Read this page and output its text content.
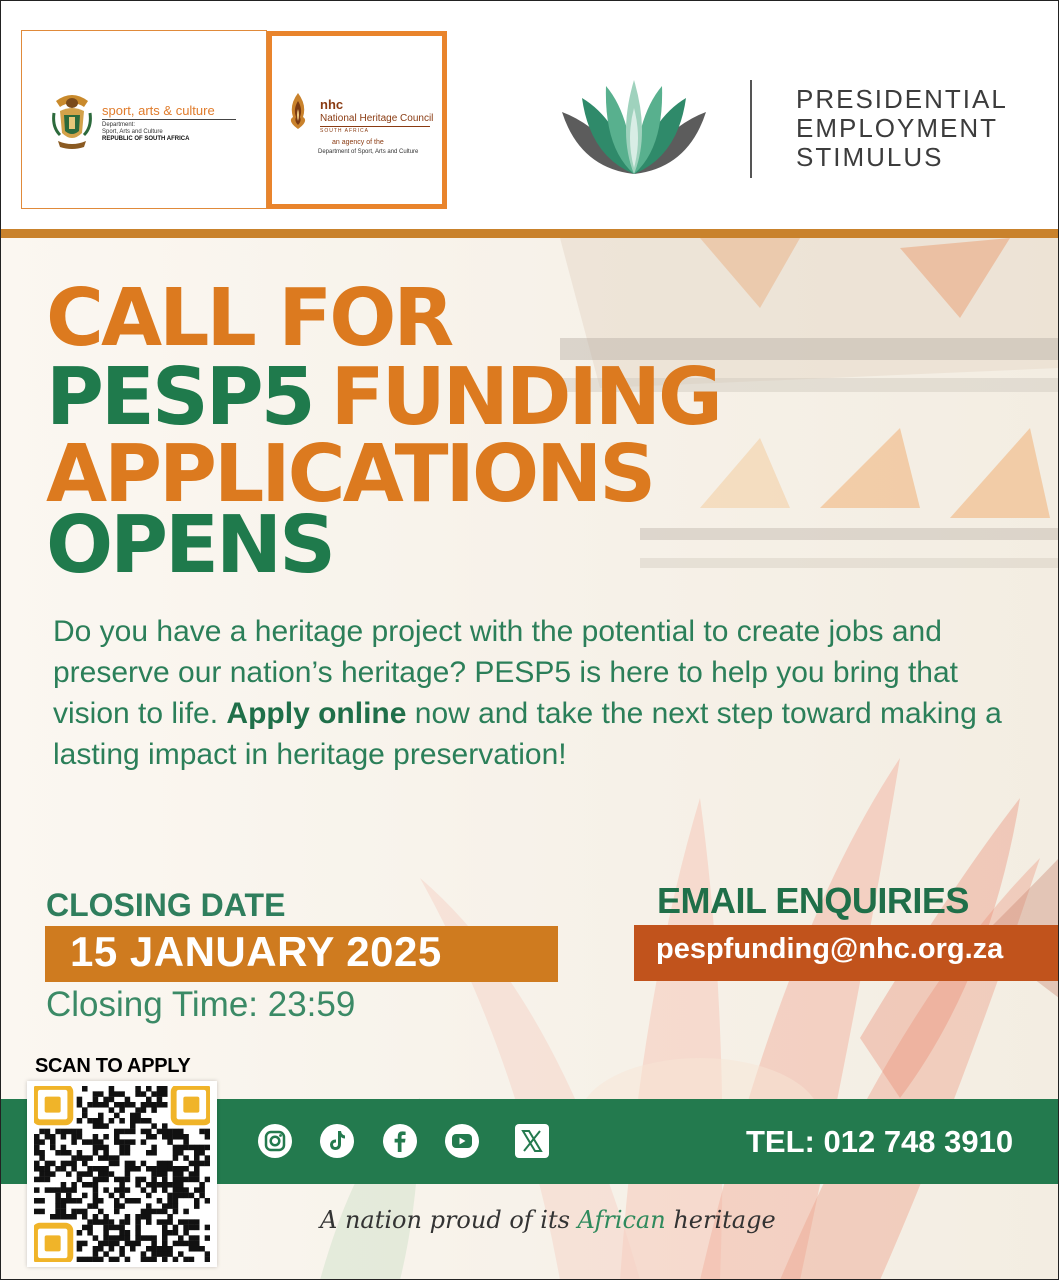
sport, arts & culture
Department:
Sport, Arts and Culture
REPUBLIC OF SOUTH AFRICA
nhc
National Heritage Council
SOUTH AFRICA
an agency of the
Department of Sport, Arts and Culture
PRESIDENTIAL
EMPLOYMENT
STIMULUS
CALL FOR
PESP5 FUNDING
APPLICATIONS
OPENS
Do you have a heritage project with the potential to create jobs and preserve our nation’s heritage? PESP5 is here to help you bring that vision to life. Apply online now and take the next step toward making a lasting impact in heritage preservation!
CLOSING DATE
15 JANUARY 2025
Closing Time: 23:59
EMAIL ENQUIRIES
pespfunding@nhc.org.za
TEL: 012 748 3910
A nation proud of its African heritage
SCAN TO APPLY
